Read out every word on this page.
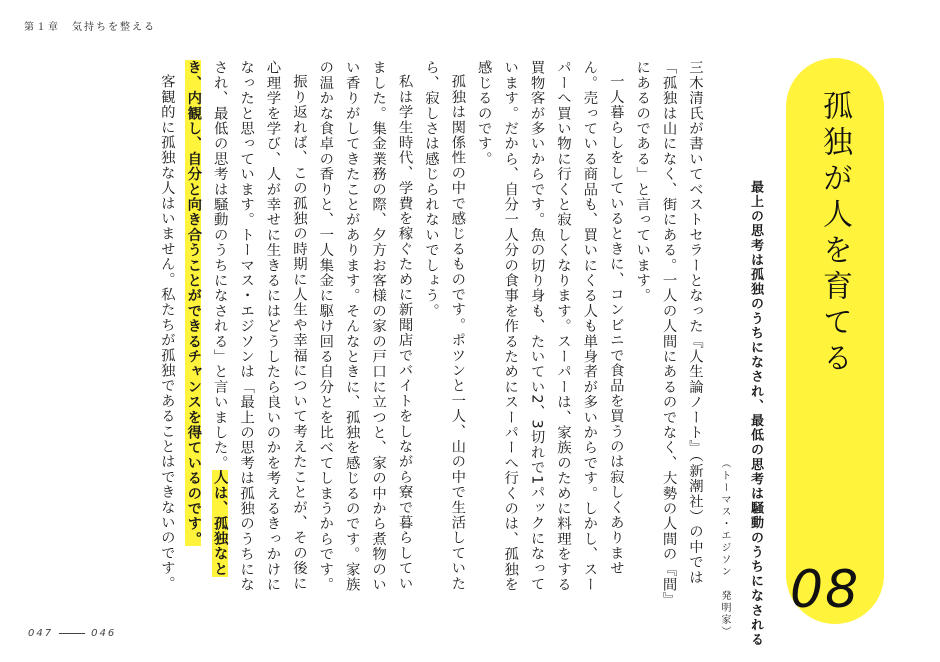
第１章　気持ちを整える
孤独が人を育てる
08
最上の思考は孤独のうちになされ、最低の思考は騒動のうちになされる
（トーマス・エジソン　発明家）

三木清氏が書いてベストセラーとなった『人生論ノート』（新潮社）の中では「孤独は山になく、街にある。一人の人間にあるのでなく、大勢の人間の『間』にあるのである」と言っています。

一人暮らしをしているときに、コンビニで食品を買うのは寂しくありません。売っている商品も、買いにくる人も単身者が多いからです。しかし、スーパーへ買い物に行くと寂しくなります。スーパーは、家族のために料理をする買物客が多いからです。魚の切り身も、たいてい2、3切れで1パックになっています。だから、自分一人分の食事を作るためにスーパーへ行くのは、孤独を感じるのです。

孤独は関係性の中で感じるものです。ポツンと一人、山の中で生活していたら、寂しさは感じられないでしょう。

私は学生時代、学費を稼ぐために新聞店でバイトをしながら寮で暮らしていました。集金業務の際、夕方お客様の家の戸口に立つと、家の中から煮物のいい香りがしてきたことがあります。そんなときに、孤独を感じるのです。家族の温かな食卓の香りと、一人集金に駆け回る自分とを比べてしまうからです。

振り返れば、この孤独の時期に人生や幸福について考えたことが、その後に心理学を学び、人が幸せに生きるにはどうしたら良いのかを考えるきっかけになったと思っています。トーマス・エジソンは「最上の思考は孤独のうちになされ、最低の思考は騒動のうちになされる」と言いました。人は、孤独なとき、内観し、自分と向き合うことができるチャンスを得ているのです。

客観的に孤独な人はいません。私たちが孤独であることはできないのです。

047	046
